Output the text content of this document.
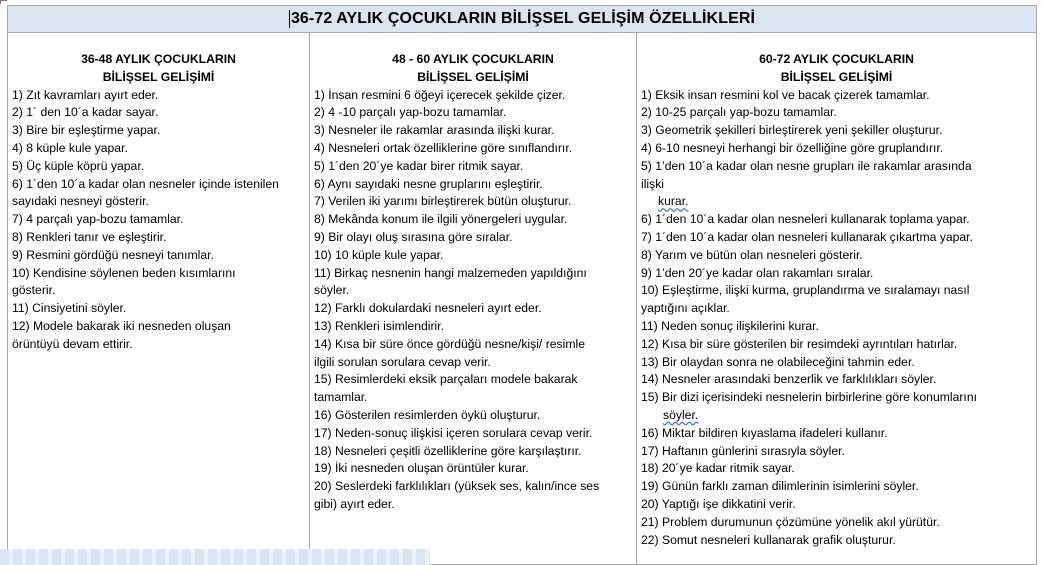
36-72 AYLIK ÇOCUKLARIN BİLİŞSEL GELİŞİM ÖZELLİKLERİ
36-48 AYLIK ÇOCUKLARIN
BİLİŞSEL GELİŞİMİ
1) Zıt kavramları ayırt eder.
2) 1´ den 10´a kadar sayar.
3) Bire bir eşleştirme yapar.
4) 8 küple kule yapar.
5) Üç küple köprü yapar.
6) 1´den 10´a kadar olan nesneler içinde istenilen
sayıdaki nesneyi gösterir.
7) 4 parçalı yap-bozu tamamlar.
8) Renkleri tanır ve eşleştirir.
9) Resmini gördüğü nesneyi tanımlar.
10) Kendisine söylenen beden kısımlarını
gösterir.
11) Cinsiyetini söyler.
12) Modele bakarak iki nesneden oluşan
örüntüyü devam ettirir.
48 - 60 AYLIK ÇOCUKLARIN
BİLİŞSEL GELİŞİMİ
1) İnsan resmini 6 öğeyi içerecek şekilde çizer.
2) 4 -10 parçalı yap-bozu tamamlar.
3) Nesneler ile rakamlar arasında ilişki kurar.
4) Nesneleri ortak özelliklerine göre sınıflandırır.
5) 1´den 20´ye kadar birer ritmik sayar.
6) Aynı sayıdaki nesne gruplarını eşleştirir.
7) Verilen iki yarımı birleştirerek bütün oluşturur.
8) Mekânda konum ile ilgili yönergeleri uygular.
9) Bir olayı oluş sırasına göre sıralar.
10) 10 küple kule yapar.
11) Birkaç nesnenin hangi malzemeden yapıldığını
söyler.
12) Farklı dokulardaki nesneleri ayırt eder.
13) Renkleri isimlendirir.
14) Kısa bir süre önce gördüğü nesne/kişi/ resimle
ilgili sorulan sorulara cevap verir.
15) Resimlerdeki eksik parçaları modele bakarak
tamamlar.
16) Gösterilen resimlerden öykü oluşturur.
17) Neden-sonuç ilişkisi içeren sorulara cevap verir.
18) Nesneleri çeşitli özelliklerine göre karşılaştırır.
19) İki nesneden oluşan örüntüler kurar.
20) Seslerdeki farklılıkları (yüksek ses, kalın/ince ses
gibi) ayırt eder.
60-72 AYLIK ÇOCUKLARIN
BİLİŞSEL GELİŞİMİ
1) Eksik insan resmini kol ve bacak çizerek tamamlar.
2) 10-25 parçalı yap-bozu tamamlar.
3) Geometrik şekilleri birleştirerek yeni şekiller oluşturur.
4) 6-10 nesneyi herhangi bir özelliğine göre gruplandırır.
5) 1’den 10´a kadar olan nesne grupları ile rakamlar arasında
ilişki
kurar.
6) 1´den 10´a kadar olan nesneleri kullanarak toplama yapar.
7) 1´den 10´a kadar olan nesneleri kullanarak çıkartma yapar.
8) Yarım ve bütün olan nesneleri gösterir.
9) 1’den 20´ye kadar olan rakamları sıralar.
10) Eşleştirme, ilişki kurma, gruplandırma ve sıralamayı nasıl
yaptığını açıklar.
11) Neden sonuç ilişkilerini kurar.
12) Kısa bir süre gösterilen bir resimdeki ayrıntıları hatırlar.
13) Bir olaydan sonra ne olabileceğini tahmin eder.
14) Nesneler arasındaki benzerlik ve farklılıkları söyler.
15) Bir dizi içerisindeki nesnelerin birbirlerine göre konumlarını
söyler.
16) Miktar bildiren kıyaslama ifadeleri kullanır.
17) Haftanın günlerini sırasıyla söyler.
18) 20´ye kadar ritmik sayar.
19) Günün farklı zaman dilimlerinin isimlerini söyler.
20) Yaptığı işe dikkatini verir.
21) Problem durumunun çözümüne yönelik akıl yürütür.
22) Somut nesneleri kullanarak grafik oluşturur.
